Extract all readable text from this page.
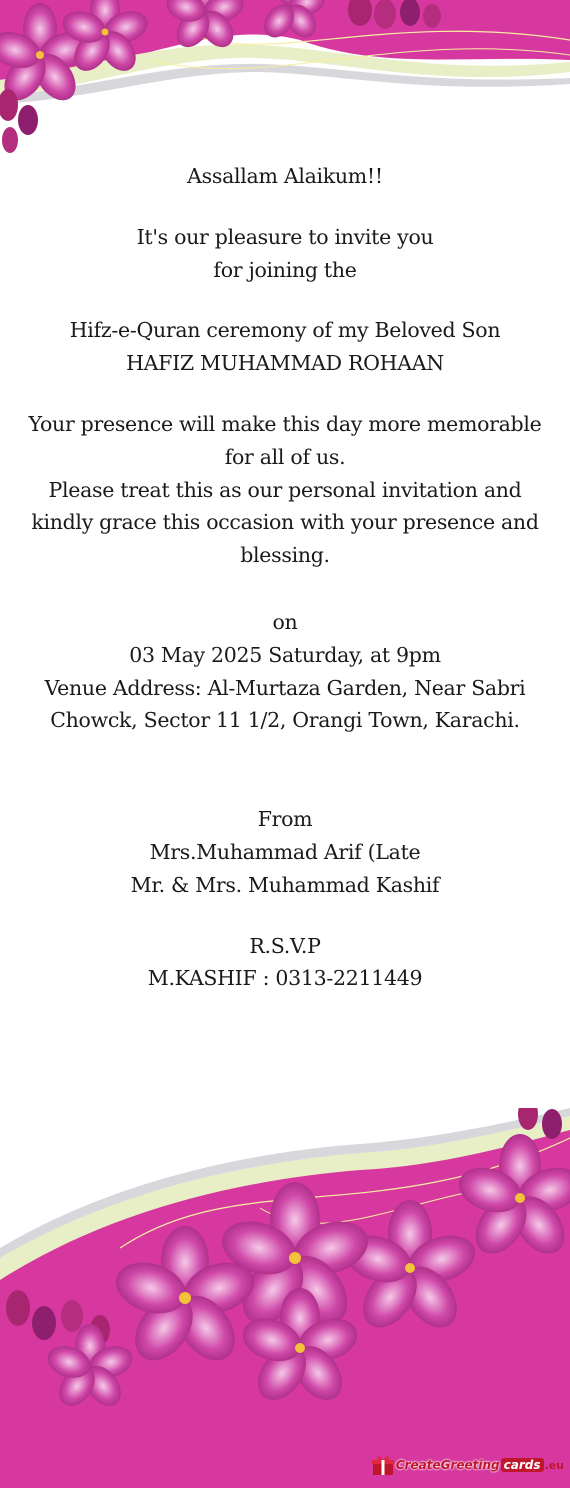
Assallam Alaikum!!

It's our pleasure to invite you

for joining the

Hifz-e-Quran ceremony of my Beloved Son

HAFIZ MUHAMMAD ROHAAN

Your presence will make this day more memorable

for all of us.

Please treat this as our personal invitation and

kindly grace this occasion with your presence and

blessing.

on

03 May 2025 Saturday, at 9pm

Venue Address: Al-Murtaza Garden, Near Sabri

Chowck, Sector 11 1/2, Orangi Town, Karachi.

From

Mrs.Muhammad Arif (Late

Mr. & Mrs. Muhammad Kashif

R.S.V.P

M.KASHIF : 0313-2211449

CreateGreeting cards .eu
